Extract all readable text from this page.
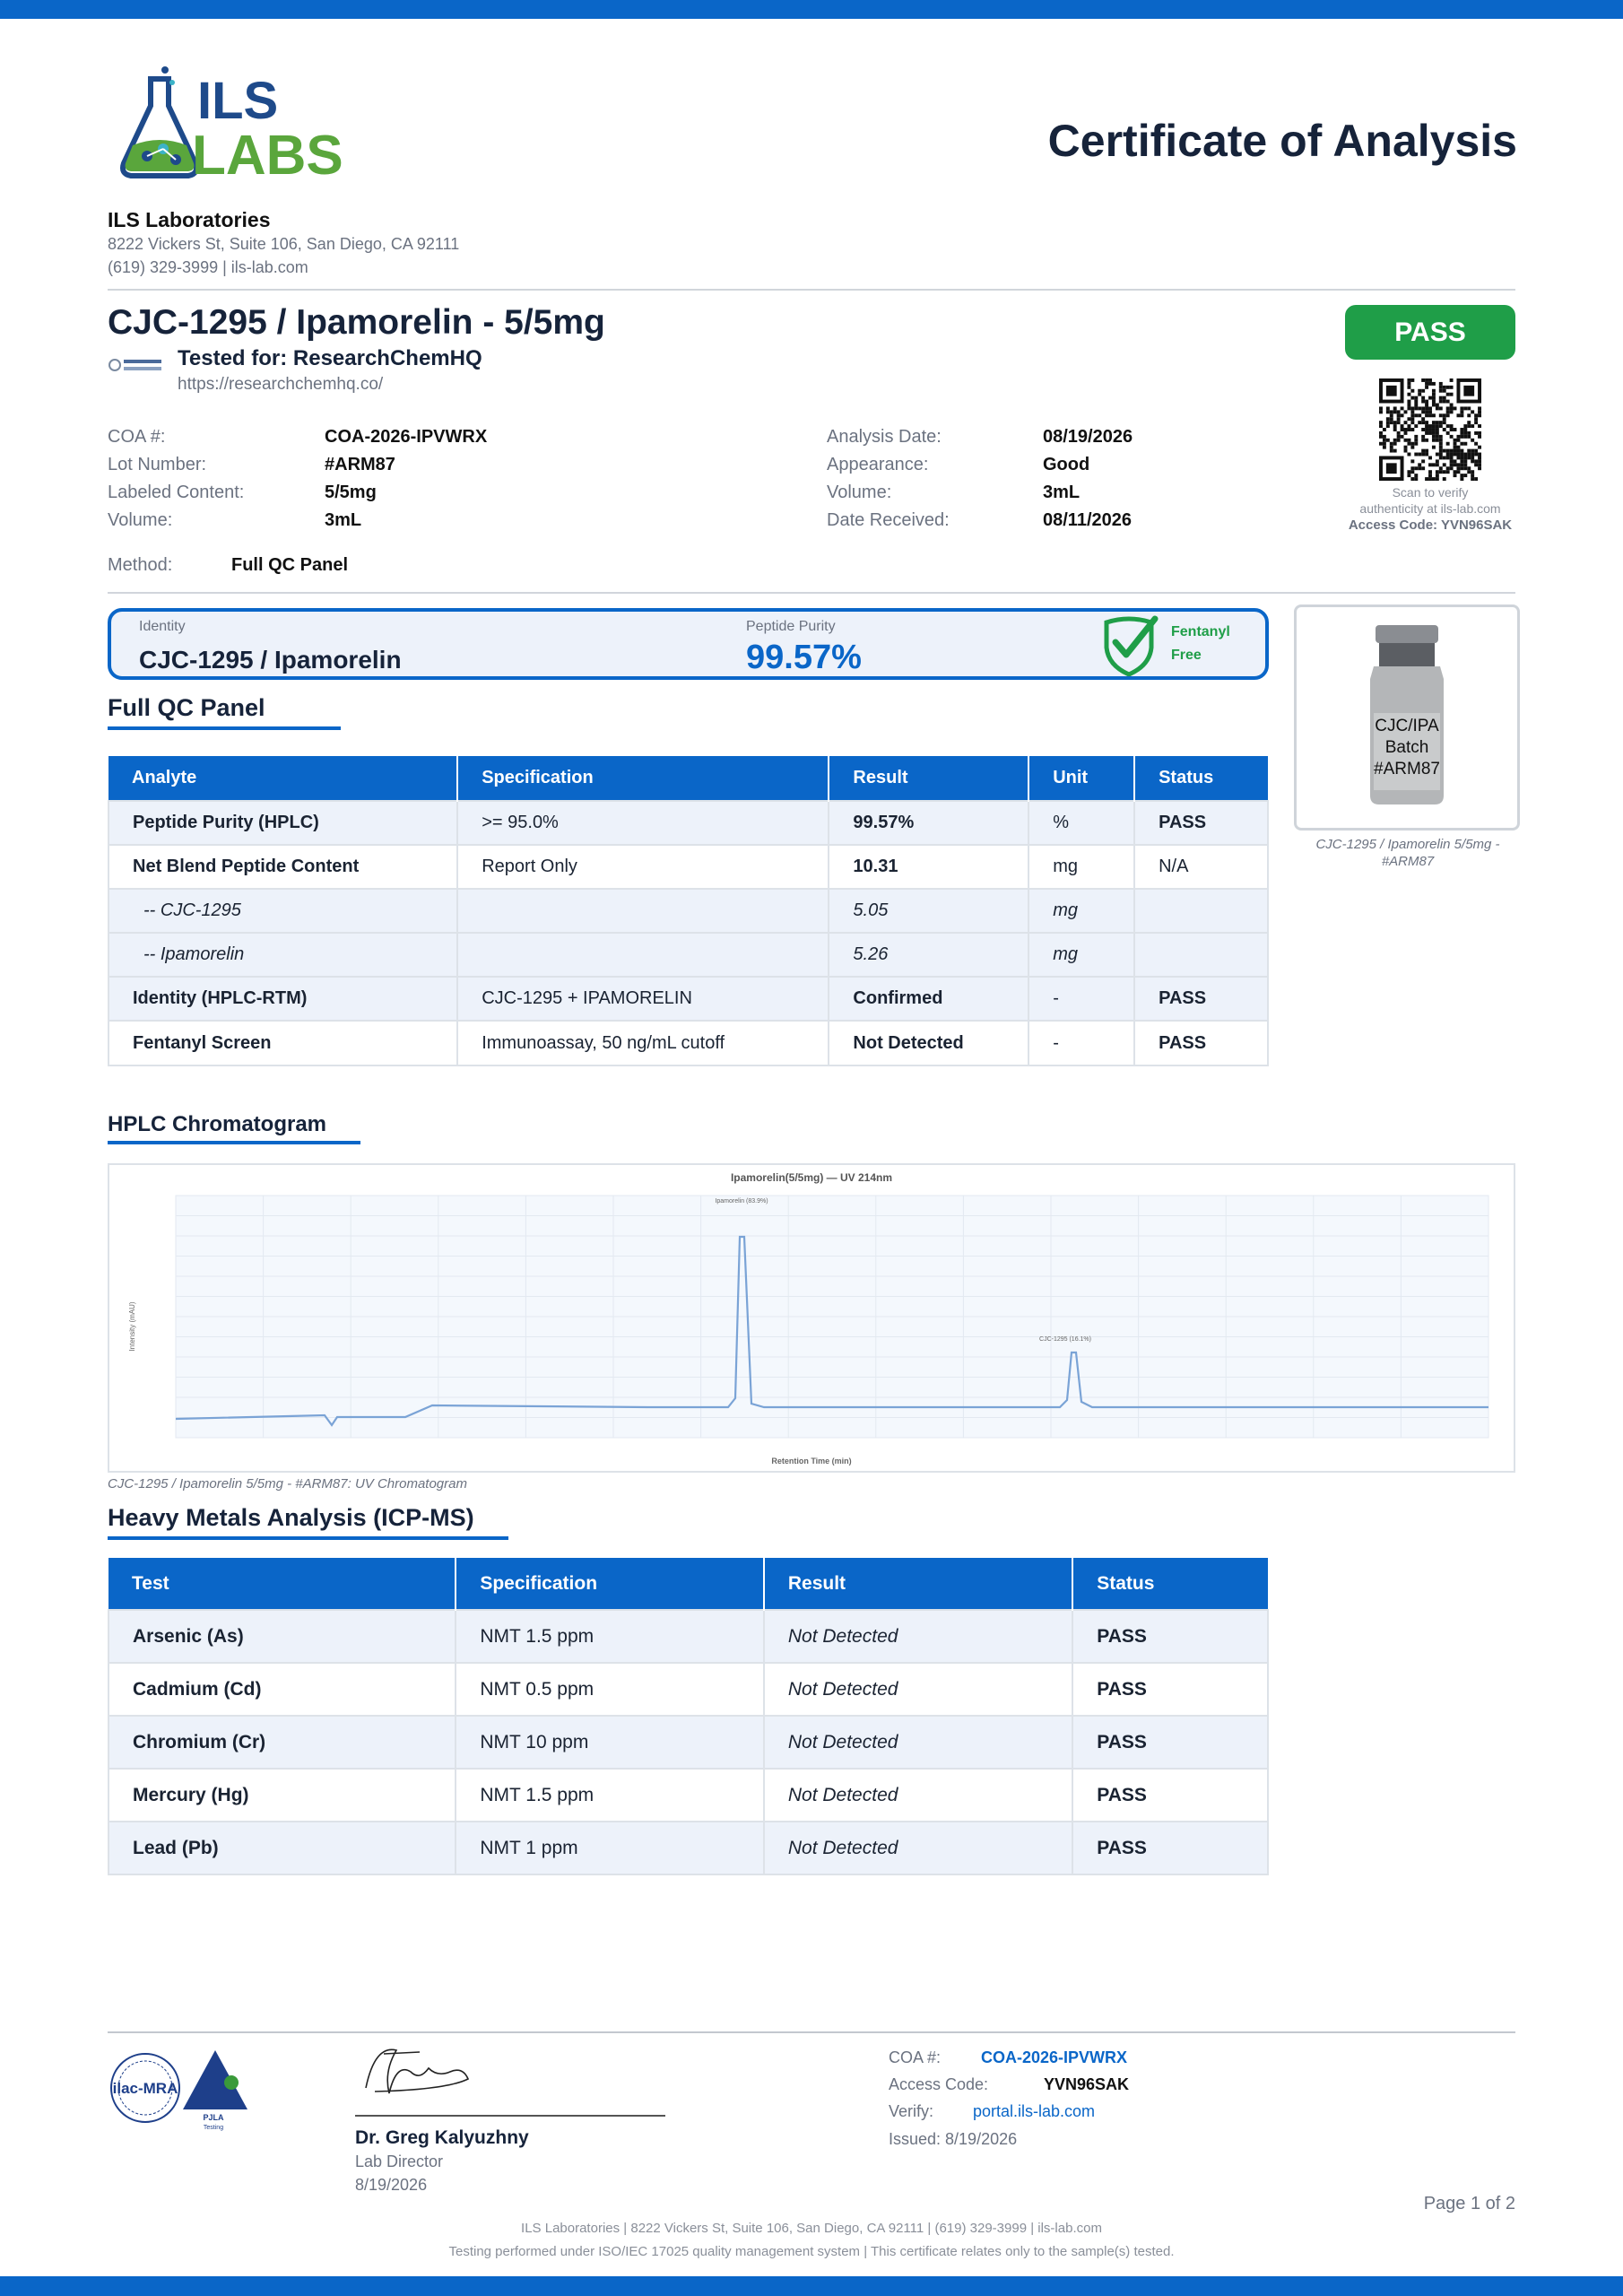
ILS
LABS	Certificate of Analysis
ILS Laboratories
8222 Vickers St, Suite 106, San Diego, CA 92111
(619) 329-3999 | ils-lab.com
CJC-1295 / Ipamorelin - 5/5mg
Tested for: ResearchChemHQ
https://researchchemhq.co/
PASS
Scan to verify
authenticity at ils-lab.com
Access Code: YVN96SAK
COA #:	COA-2026-IPVWRX
Lot Number:	#ARM87
Labeled Content:	5/5mg
Volume:	3mL
Analysis Date:	08/19/2026
Appearance:	Good
Volume:	3mL
Date Received:	08/11/2026
Method:	Full QC Panel
Identity
CJC-1295 / Ipamorelin
Peptide Purity
99.57%
Fentanyl
Free
CJC/IPA
Batch
#ARM87
CJC-1295 / Ipamorelin 5/5mg -
#ARM87
Full QC Panel
Analyte	Specification	Result	Unit	Status
Peptide Purity (HPLC)	>= 95.0%	99.57%	%	PASS
Net Blend Peptide Content	Report Only	10.31	mg	N/A
-- CJC-1295		5.05	mg	
-- Ipamorelin		5.26	mg	
Identity (HPLC-RTM)	CJC-1295 + IPAMORELIN	Confirmed	-	PASS
Fentanyl Screen	Immunoassay, 50 ng/mL cutoff	Not Detected	-	PASS
HPLC Chromatogram
Ipamorelin(5/5mg) — UV 214nm
Ipamorelin (83.9%)
CJC-1295 (16.1%)
Retention Time (min)
Intensity (mAU)
CJC-1295 / Ipamorelin 5/5mg - #ARM87: UV Chromatogram
Heavy Metals Analysis (ICP-MS)
Test	Specification	Result	Status
Arsenic (As)	NMT 1.5 ppm	Not Detected	PASS
Cadmium (Cd)	NMT 0.5 ppm	Not Detected	PASS
Chromium (Cr)	NMT 10 ppm	Not Detected	PASS
Mercury (Hg)	NMT 1.5 ppm	Not Detected	PASS
Lead (Pb)	NMT 1 ppm	Not Detected	PASS
ilac-MRA
PJLA
Testing	Dr. Greg Kalyuzhny
Lab Director
8/19/2026
COA #: COA-2026-IPVWRX
Access Code:	YVN96SAK
Verify: portal.ils-lab.com
Issued: 8/19/2026
Page 1 of 2
ILS Laboratories | 8222 Vickers St, Suite 106, San Diego, CA 92111 | (619) 329-3999 | ils-lab.com
Testing performed under ISO/IEC 17025 quality management system | This certificate relates only to the sample(s) tested.
